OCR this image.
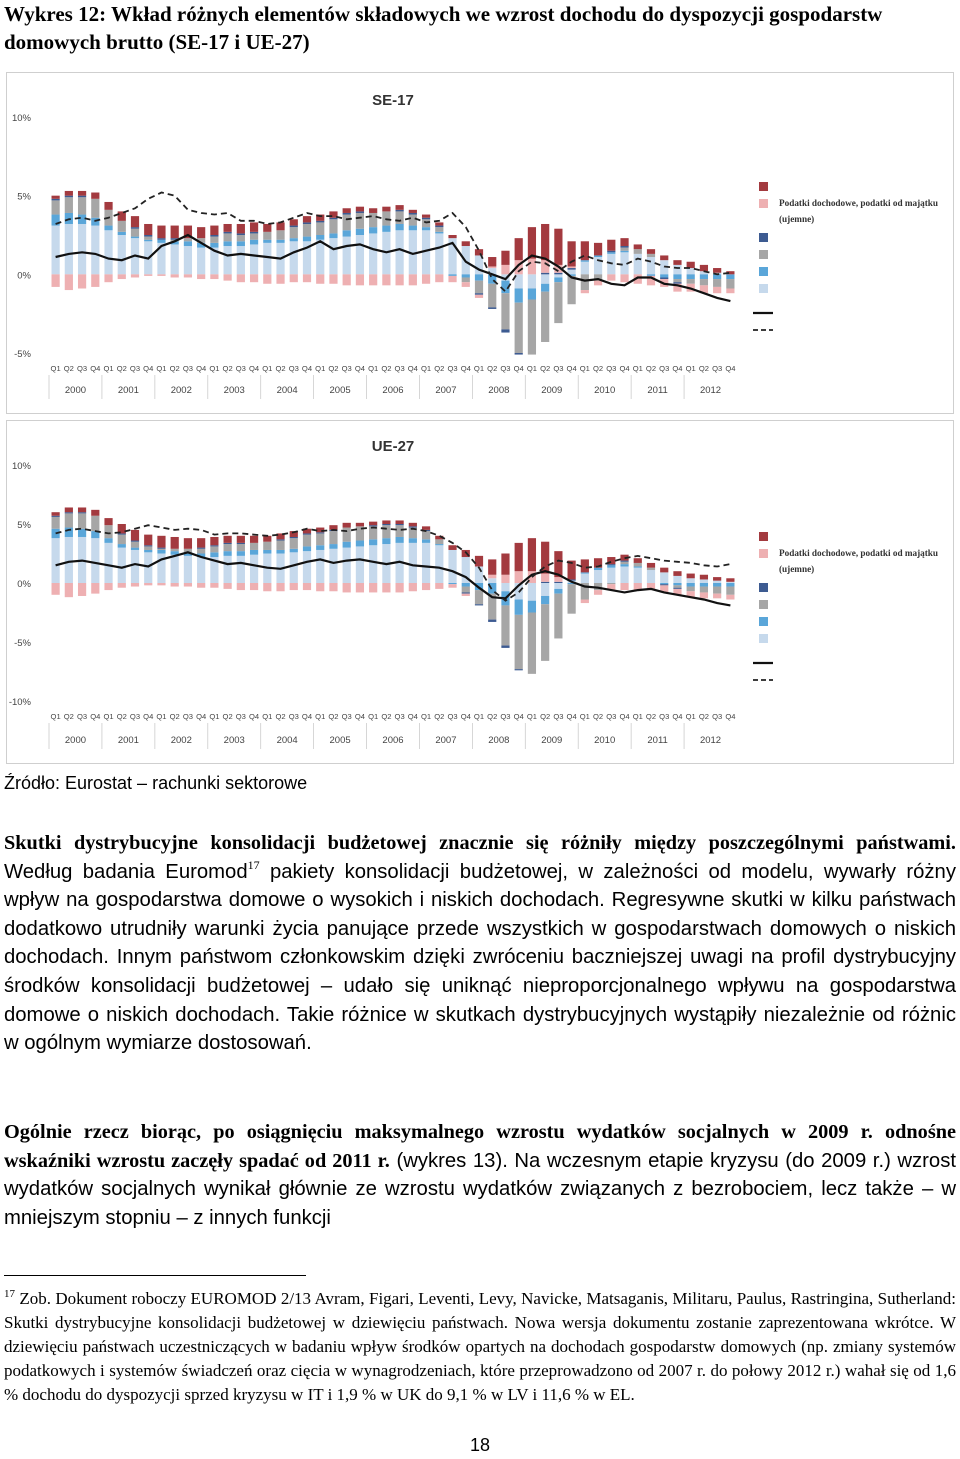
Wykres 12: Wkład różnych elementów składowych we wzrost dochodu do dyspozycji gospodarstw domowych brutto (SE-17 i UE-27)
SE-17
10%
5%
0%
-5%
Q1 Q2 Q3 Q4 Q1 Q2 Q3 Q4 Q1 Q2 Q3 Q4 Q1 Q2 Q3 Q4 Q1 Q2 Q3 Q4 Q1 Q2 Q3 Q4 Q1 Q2 Q3 Q4 Q1 Q2 Q3 Q4 Q1 Q2 Q3 Q4 Q1 Q2 Q3 Q4 Q1 Q2 Q3 Q4 Q1 Q2 Q3 Q4 Q1 Q2 Q3 Q4
2000	2001	2002	2003	2004	2005	2006	2007	2008	2009	2010	2011	2012
Podatki dochodowe, podatki od majątku
(ujemne)
UE-27
10%
5%
0%
-5%
-10%
Q1 Q2 Q3 Q4 Q1 Q2 Q3 Q4 Q1 Q2 Q3 Q4 Q1 Q2 Q3 Q4 Q1 Q2 Q3 Q4 Q1 Q2 Q3 Q4 Q1 Q2 Q3 Q4 Q1 Q2 Q3 Q4 Q1 Q2 Q3 Q4 Q1 Q2 Q3 Q4 Q1 Q2 Q3 Q4 Q1 Q2 Q3 Q4 Q1 Q2 Q3 Q4
2000	2001	2002	2003	2004	2005	2006	2007	2008	2009	2010	2011	2012
Podatki dochodowe, podatki od majątku
(ujemne)
Źródło: Eurostat – rachunki sektorowe

Skutki dystrybucyjne konsolidacji budżetowej znacznie się różniły między poszczególnymi państwami. Według badania Euromod$^{17}$ pakiety konsolidacji budżetowej, w zależności od modelu, wywarły różny wpływ na gospodarstwa domowe o wysokich i niskich dochodach. Regresywne skutki w kilku państwach dodatkowo utrudniły warunki życia panujące przede wszystkich w gospodarstwach domowych o niskich dochodach. Innym państwom członkowskim dzięki zwróceniu baczniejszej uwagi na profil dystrybucyjny środków konsolidacji budżetowej – udało się uniknąć nieproporcjonalnego wpływu na gospodarstwa domowe o niskich dochodach. Takie różnice w skutkach dystrybucyjnych wystąpiły niezależnie od różnic w ogólnym wymiarze dostosowań.

Ogólnie rzecz biorąc, po osiągnięciu maksymalnego wzrostu wydatków socjalnych w 2009 r. odnośne wskaźniki wzrostu zaczęły spadać od 2011 r. (wykres 13). Na wczesnym etapie kryzysu (do 2009 r.) wzrost wydatków socjalnych wynikał głównie ze wzrostu wydatków związanych z bezrobociem, lecz także – w mniejszym stopniu – z innych funkcji

$^{17}$ Zob. Dokument roboczy EUROMOD 2/13 Avram, Figari, Leventi, Levy, Navicke, Matsaganis, Militaru, Paulus, Rastringina, Sutherland: Skutki dystrybucyjne konsolidacji budżetowej w dziewięciu państwach. Nowa wersja dokumentu zostanie zaprezentowana wkrótce. W dziewięciu państwach uczestniczących w badaniu wpływ środków opartych na dochodach gospodarstw domowych (np. zmiany systemów podatkowych i systemów świadczeń oraz cięcia w wynagrodzeniach, które przeprowadzono od 2007 r. do połowy 2012 r.) wahał się od 1,6 % dochodu do dyspozycji sprzed kryzysu w IT i 1,9 % w UK do 9,1 % w LV i 11,6 % w EL.

18
